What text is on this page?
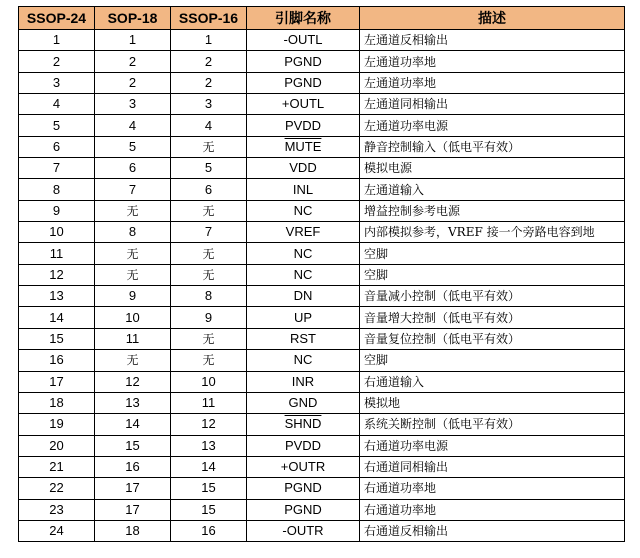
SSOP-24	SOP-18	SSOP-16	引脚名称	描述
1	1	1	-OUTL	左通道反相输出
2	2	2	PGND	左通道功率地
3	2	2	PGND	左通道功率地
4	3	3	+OUTL	左通道同相输出
5	4	4	PVDD	左通道功率电源
6	5	无	MUTE	静音控制输入（低电平有效）
7	6	5	VDD	模拟电源
8	7	6	INL	左通道输入
9	无	无	NC	增益控制参考电源
10	8	7	VREF	内部模拟参考，VREF 接一个旁路电容到地
11	无	无	NC	空脚
12	无	无	NC	空脚
13	9	8	DN	音量减小控制（低电平有效）
14	10	9	UP	音量增大控制（低电平有效）
15	11	无	RST	音量复位控制（低电平有效）
16	无	无	NC	空脚
17	12	10	INR	右通道输入
18	13	11	GND	模拟地
19	14	12	SHND	系统关断控制（低电平有效）
20	15	13	PVDD	右通道功率电源
21	16	14	+OUTR	右通道同相输出
22	17	15	PGND	右通道功率地
23	17	15	PGND	右通道功率地
24	18	16	-OUTR	右通道反相输出
